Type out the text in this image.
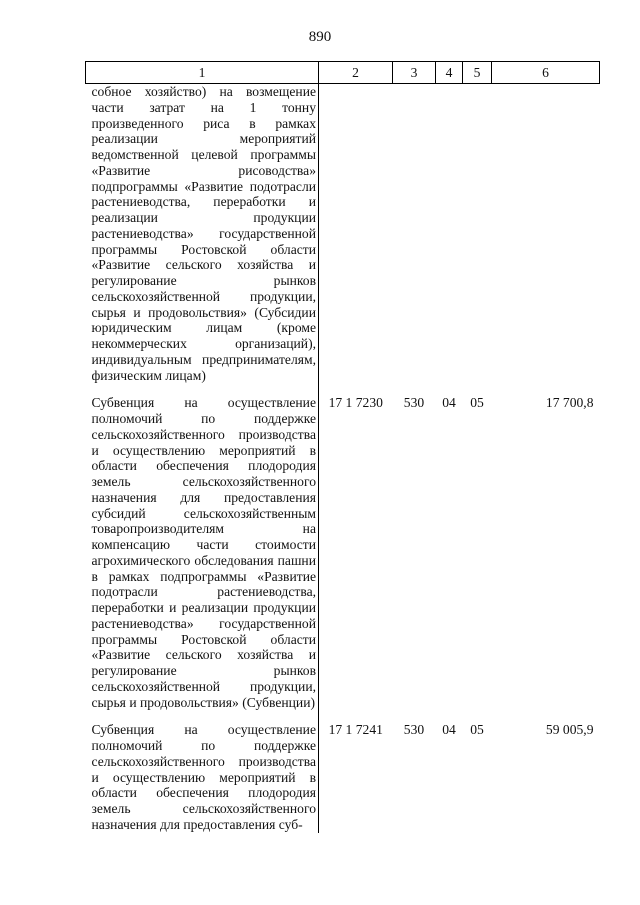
890
1	2	3	4	5	6
собное хозяйство) на возмещение части затрат на 1 тонну произведенного риса в рамках реализации мероприятий ведомственной целевой программы «Развитие рисоводства» подпрограммы «Развитие подотрасли растениеводства, переработки и реализации продукции растениеводства» государственной программы Ростовской области «Развитие сельского хозяйства и регулирование рынков сельскохозяйственной продукции, сырья и продовольствия» (Субсидии юридическим лицам (кроме некоммерческих организаций), индивидуальным предпринимателям, физическим лицам)					
Субвенция на осуществление полномочий по поддержке сельскохозяйственного производства и осуществлению мероприятий в области обеспечения плодородия земель сельскохозяйственного назначения для предоставления субсидий сельскохозяйственным товаропроизводителям на компенсацию части стоимости агрохимического обследования пашни в рамках подпрограммы «Развитие подотрасли растениеводства, переработки и реализации продукции растениеводства» государственной программы Ростовской области «Развитие сельского хозяйства и регулирование рынков сельскохозяйственной продукции, сырья и продовольствия» (Субвенции)	17 1 7230	530	04	05	17 700,8
Субвенция на осуществление полномочий по поддержке сельскохозяйственного производства и осуществлению мероприятий в области обеспечения плодородия земель сельскохозяйственного назначения для предоставления суб-	17 1 7241	530	04	05	59 005,9
